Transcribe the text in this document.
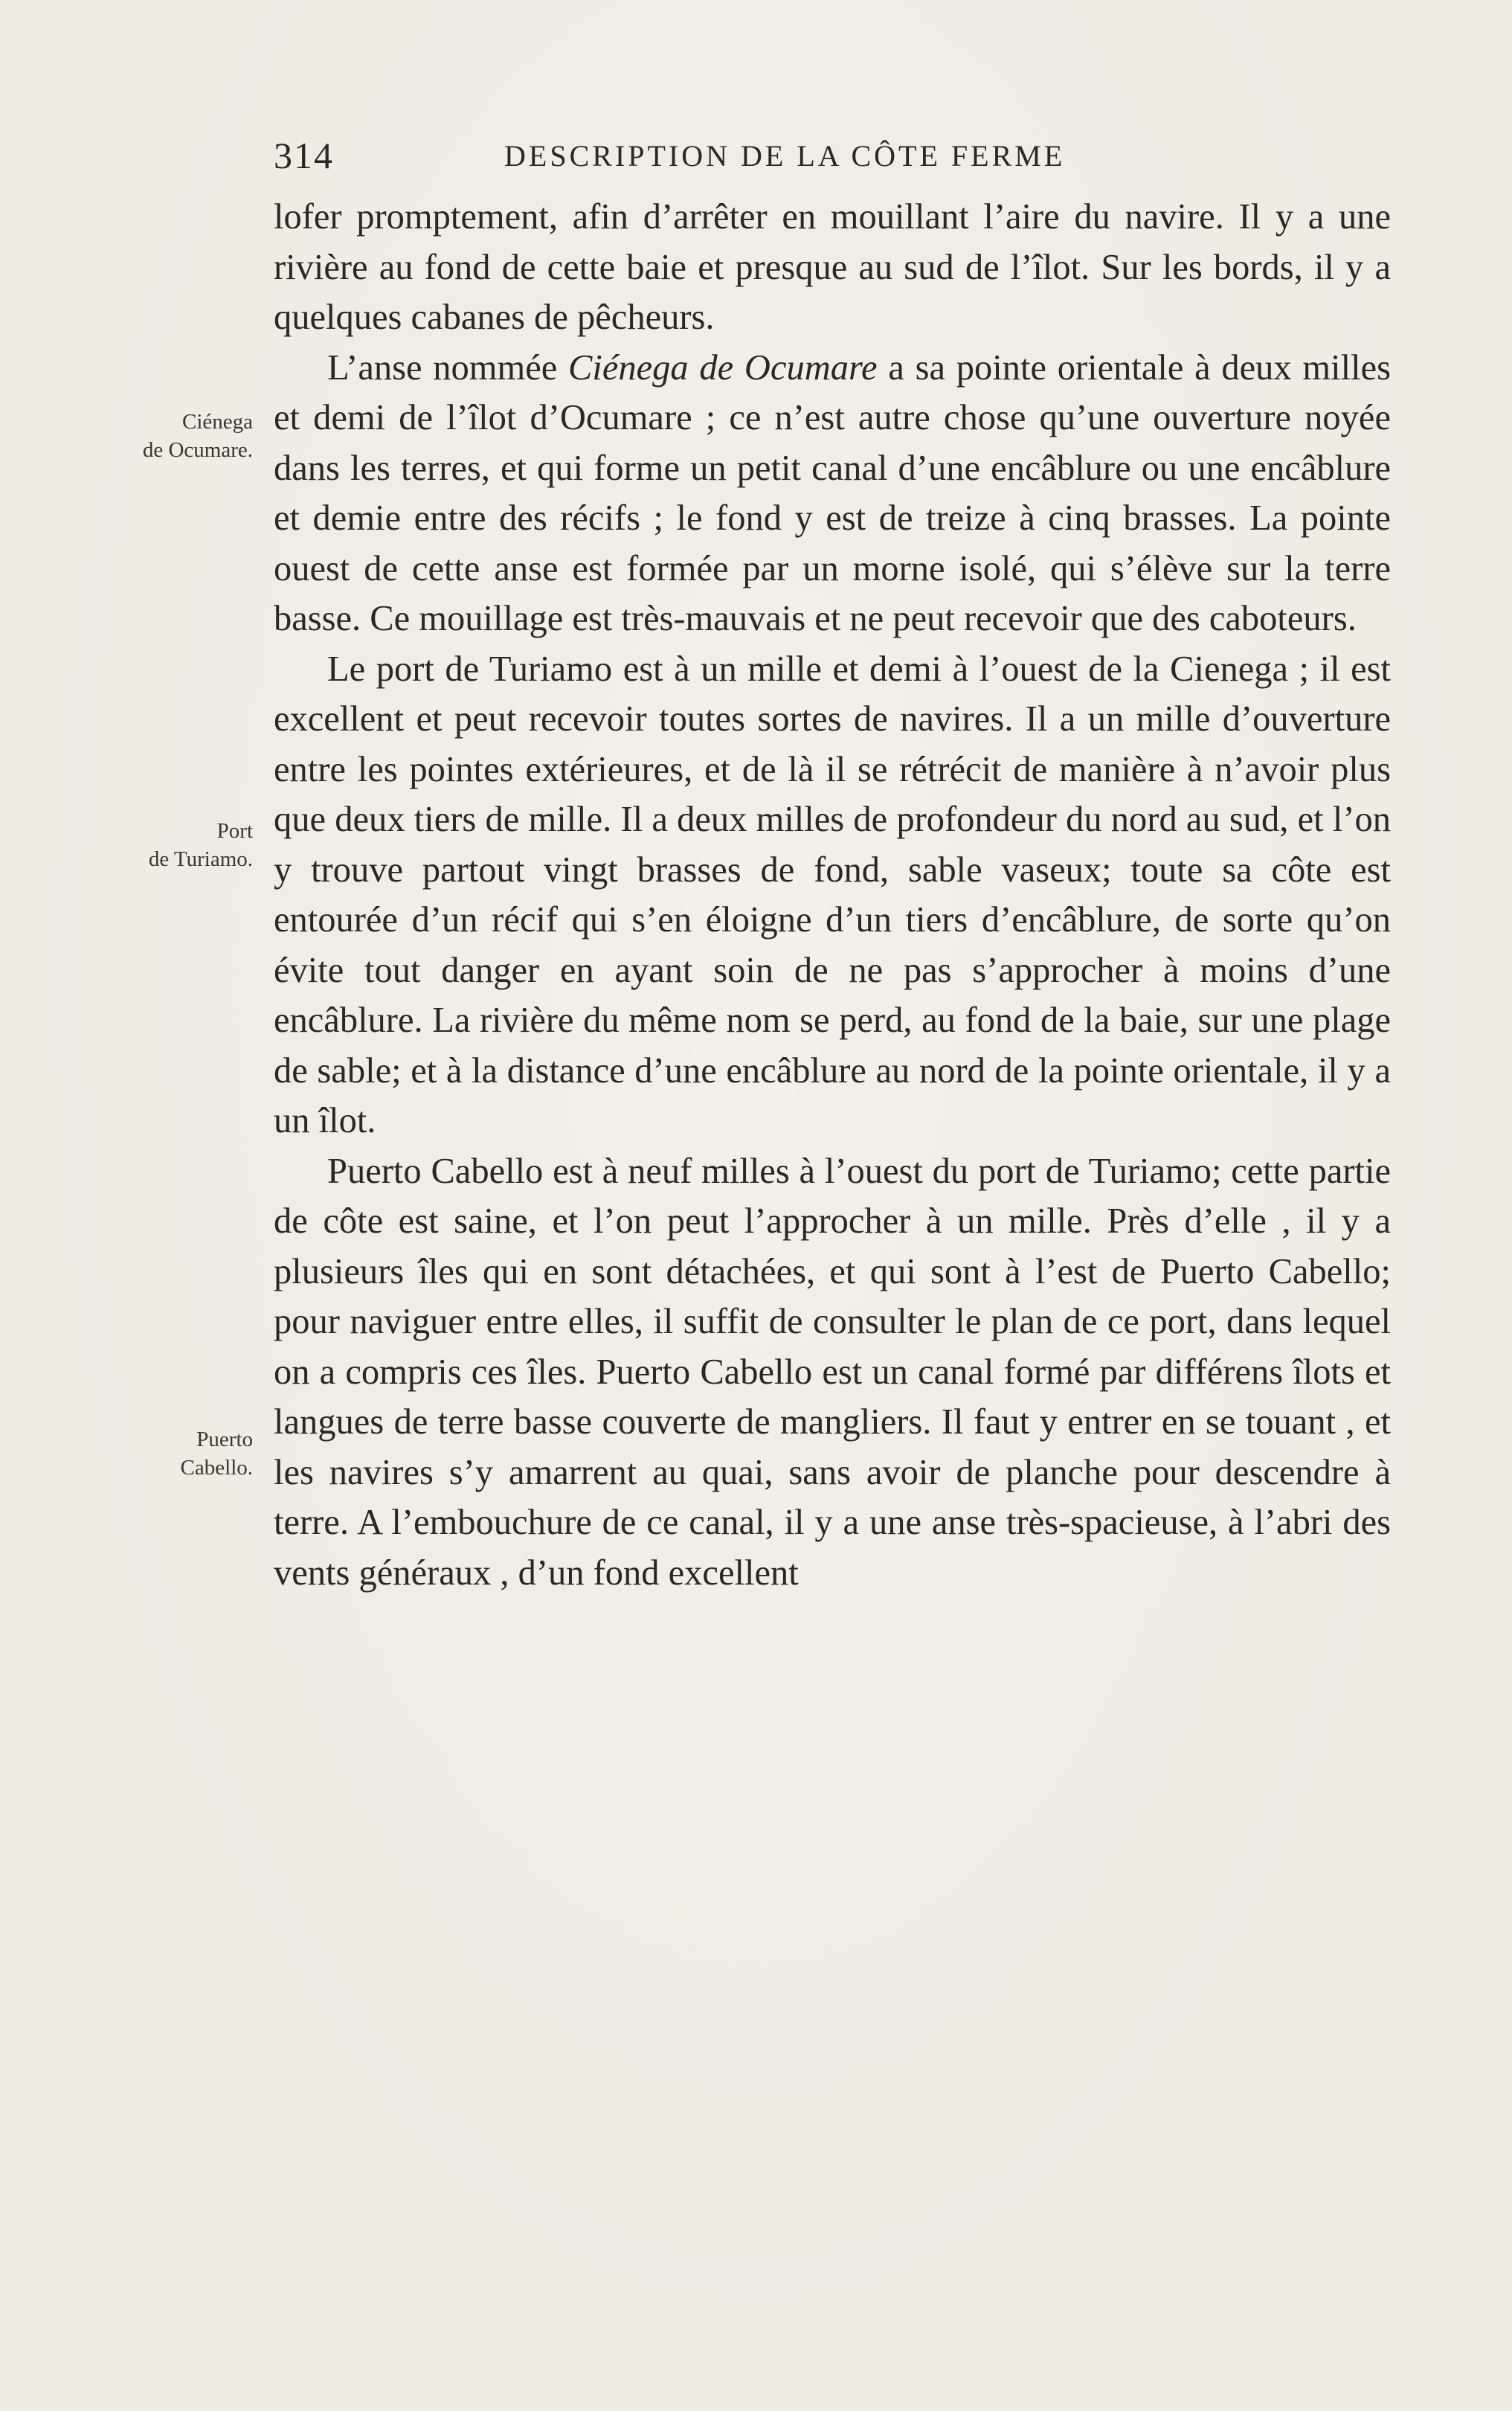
314	DESCRIPTION DE LA CÔTE FERME
Ciénega
de Ocumare.
Port
de Turiamo.
Puerto
Cabello.

lofer promptement, afin d’arrêter en mouillant l’aire du navire. Il y a une rivière au fond de cette baie et presque au sud de l’îlot. Sur les bords, il y a quelques cabanes de pêcheurs.

L’anse nommée Ciénega de Ocumare a sa pointe orientale à deux milles et demi de l’îlot d’Ocumare ; ce n’est autre chose qu’une ouverture noyée dans les terres, et qui forme un petit canal d’une encâblure ou une encâblure et demie entre des récifs ; le fond y est de treize à cinq brasses. La pointe ouest de cette anse est formée par un morne isolé, qui s’élève sur la terre basse. Ce mouillage est très-mauvais et ne peut recevoir que des caboteurs.

Le port de Turiamo est à un mille et demi à l’ouest de la Cienega ; il est excellent et peut recevoir toutes sortes de navires. Il a un mille d’ouverture entre les pointes extérieures, et de là il se rétrécit de manière à n’avoir plus que deux tiers de mille. Il a deux milles de profondeur du nord au sud, et l’on y trouve partout vingt brasses de fond, sable vaseux; toute sa côte est entourée d’un récif qui s’en éloigne d’un tiers d’encâblure, de sorte qu’on évite tout danger en ayant soin de ne pas s’approcher à moins d’une encâblure. La rivière du même nom se perd, au fond de la baie, sur une plage de sable; et à la distance d’une encâblure au nord de la pointe orientale, il y a un îlot.

Puerto Cabello est à neuf milles à l’ouest du port de Turiamo; cette partie de côte est saine, et l’on peut l’approcher à un mille. Près d’elle , il y a plusieurs îles qui en sont détachées, et qui sont à l’est de Puerto Cabello; pour naviguer entre elles, il suffit de consulter le plan de ce port, dans lequel on a compris ces îles. Puerto Cabello est un canal formé par différens îlots et langues de terre basse couverte de mangliers. Il faut y entrer en se touant , et les navires s’y amarrent au quai, sans avoir de planche pour descendre à terre. A l’embouchure de ce canal, il y a une anse très-spacieuse, à l’abri des vents généraux , d’un fond excellent
